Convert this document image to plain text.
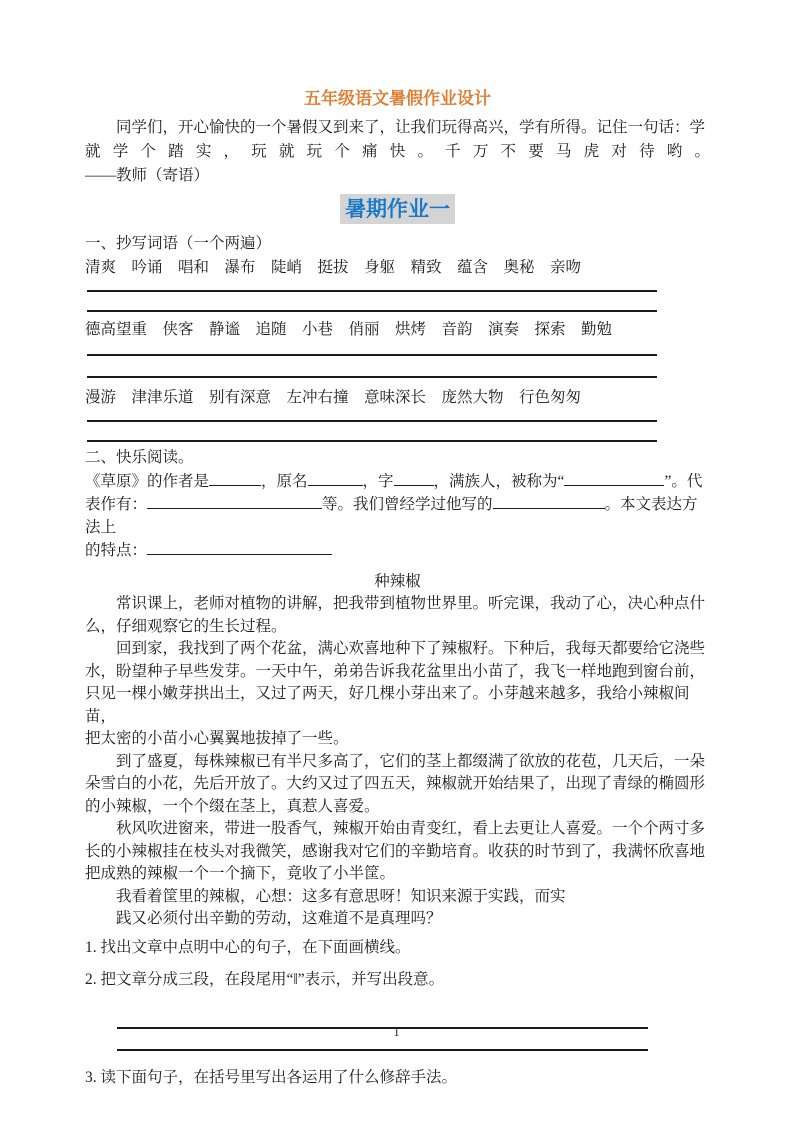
五年级语文暑假作业设计
　　同学们，开心愉快的一个暑假又到来了，让我们玩得高兴，学有所得。记住一句话：学
就学个踏实，玩就玩个痛快。千万不要马虎对待哟。
——教师（寄语）
暑期作业一
一、抄写词语（一个两遍）
清爽　吟诵　唱和　瀑布　陡峭　挺拔　身躯　精致　蕴含　奥秘　亲吻
德高望重　侠客　静谧　追随　小巷　俏丽　烘烤　音韵　演奏　探索　勤勉
漫游　津津乐道　别有深意　左冲右撞　意味深长　庞然大物　行色匆匆
二、快乐阅读。
《草原》的作者是	，原名	，字	，满族人，被称为“	”。代
表作有：	等。我们曾经学过他写的	。本文表达方法上
的特点：
种辣椒
　　常识课上，老师对植物的讲解，把我带到植物世界里。听完课，我动了心，决心种点什
么，仔细观察它的生长过程。
　　回到家，我找到了两个花盆，满心欢喜地种下了辣椒籽。下种后，我每天都要给它浇些
水，盼望种子早些发芽。一天中午，弟弟告诉我花盆里出小苗了，我飞一样地跑到窗台前，
只见一棵小嫩芽拱出土，又过了两天，好几棵小芽出来了。小芽越来越多，我给小辣椒间苗，
把太密的小苗小心翼翼地拔掉了一些。
　　到了盛夏，每株辣椒已有半尺多高了，它们的茎上都缀满了欲放的花苞，几天后，一朵
朵雪白的小花，先后开放了。大约又过了四五天，辣椒就开始结果了，出现了青绿的椭圆形
的小辣椒，一个个缀在茎上，真惹人喜爱。
　　秋风吹进窗来，带进一股香气，辣椒开始由青变红，看上去更让人喜爱。一个个两寸多
长的小辣椒挂在枝头对我微笑，感谢我对它们的辛勤培育。收获的时节到了，我满怀欣喜地
把成熟的辣椒一个一个摘下，竟收了小半筐。
　　我看着筐里的辣椒，心想：这多有意思呀！知识来源于实践，而实
　　践又必须付出辛勤的劳动，这难道不是真理吗？
1. 找出文章中点明中心的句子，在下面画横线。
2. 把文章分成三段，在段尾用“‖”表示，并写出段意。
3. 读下面句子，在括号里写出各运用了什么修辞手法。
1
